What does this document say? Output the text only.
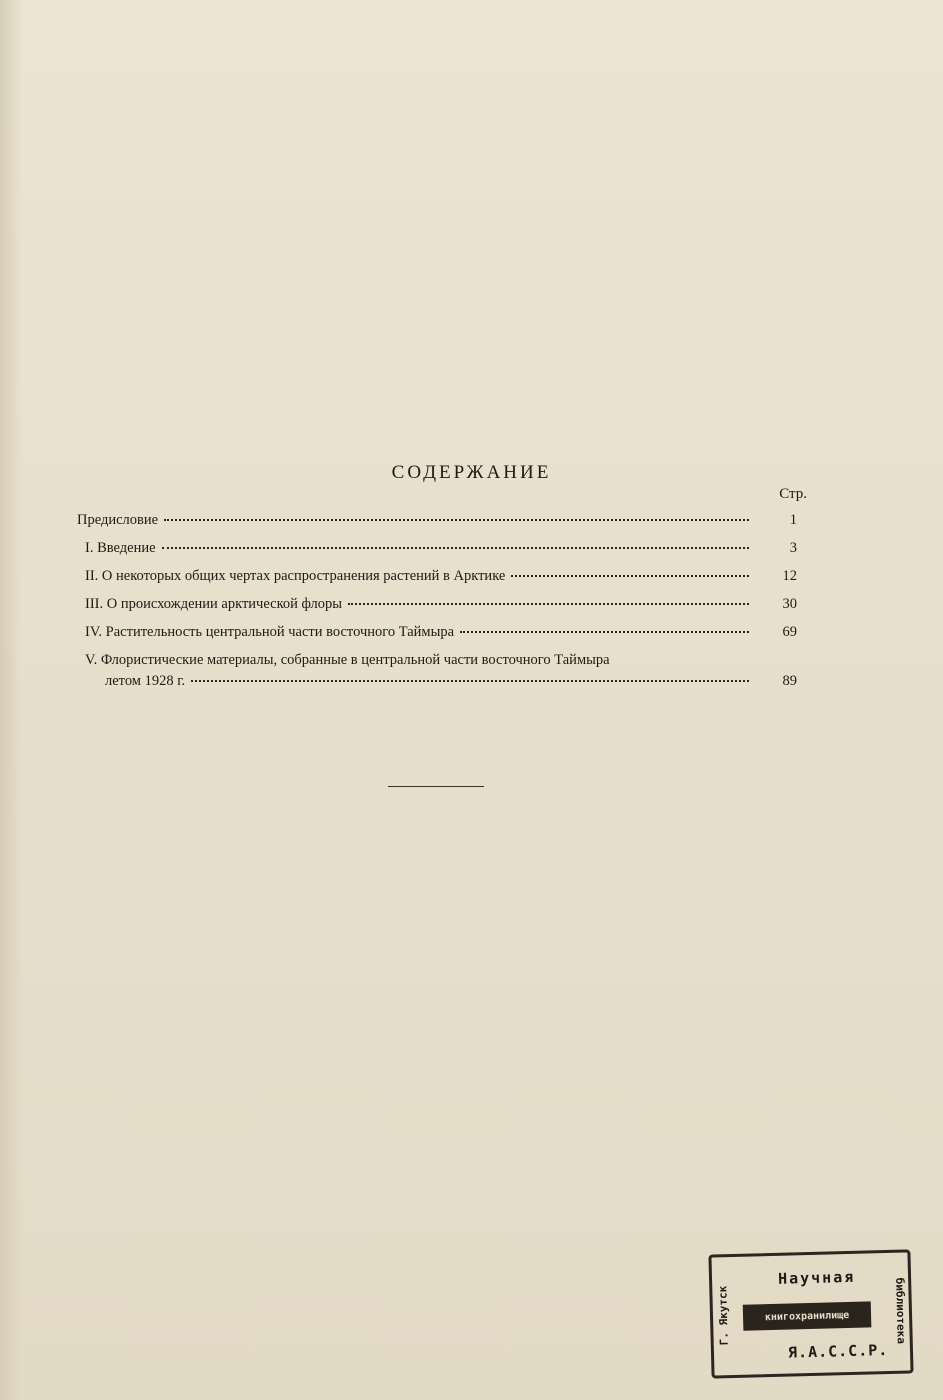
СОДЕРЖАНИЕ
Стр.
Предисловие	1
I. Введение	3
II. О некоторых общих чертах распространения растений в Арктике	12
III. О происхождении арктической флоры	30
IV. Растительность центральной части восточного Таймыра	69
V. Флористические материалы, собранные в центральной части восточного Таймыра
летом 1928 г.	89
Г. Якутск
Научная
книгохранилище
Я.А.С.С.Р.
библиотека
